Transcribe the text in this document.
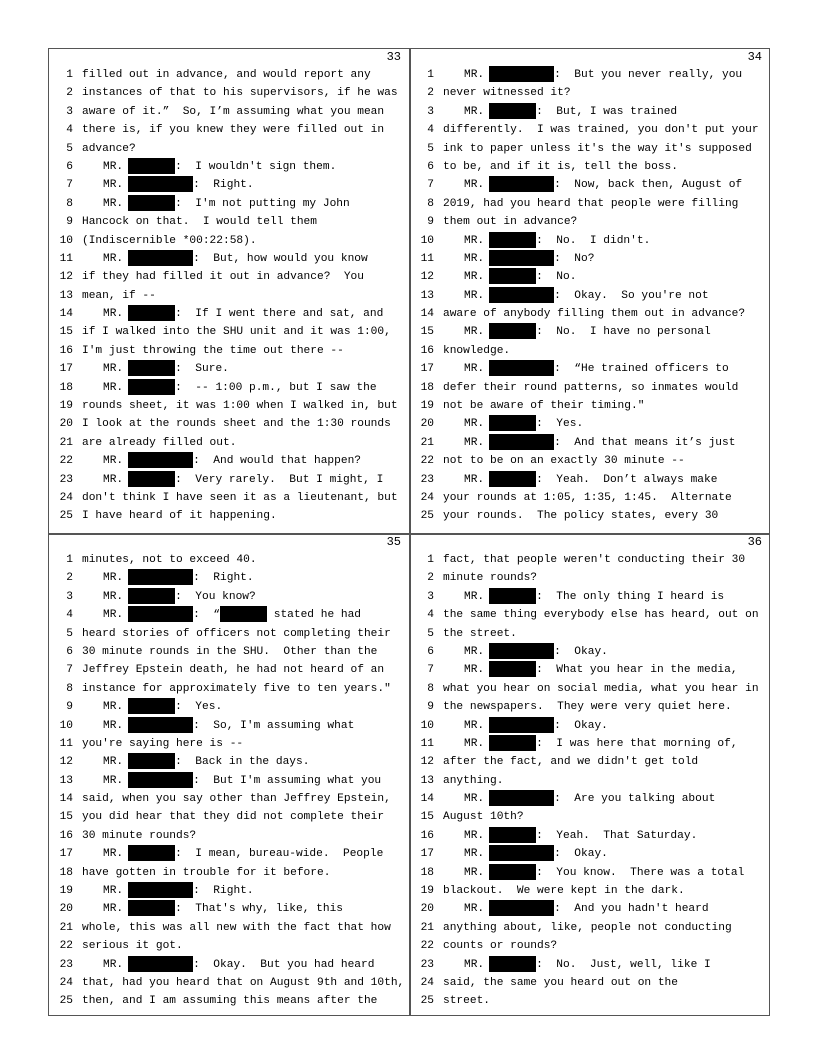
33
1 filled out in advance, and would report any
2 instances of that to his supervisors, if he was
3 aware of it.”  So, I’m assuming what you mean
4 there is, if you knew they were filled out in
5 advance?
6	MR.	:  I wouldn't sign them.
7	MR.	:  Right.
8	MR.	:  I'm not putting my John
9 Hancock on that.  I would tell them
10 (Indiscernible *00:22:58).
11	MR.	:  But, how would you know
12 if they had filled it out in advance?  You
13 mean, if --
14	MR.	:  If I went there and sat, and
15 if I walked into the SHU unit and it was 1:00,
16 I'm just throwing the time out there --
17	MR.	:  Sure.
18	MR.	:  -- 1:00 p.m., but I saw the
19 rounds sheet, it was 1:00 when I walked in, but
20 I look at the rounds sheet and the 1:30 rounds
21 are already filled out.
22	MR.	:  And would that happen?
23	MR.	:  Very rarely.  But I might, I
24 don't think I have seen it as a lieutenant, but
25 I have heard of it happening.
34
1	MR.	:  But you never really, you
2 never witnessed it?
3	MR.	:  But, I was trained
4 differently.  I was trained, you don't put your
5 ink to paper unless it's the way it's supposed
6 to be, and if it is, tell the boss.
7	MR.	:  Now, back then, August of
8 2019, had you heard that people were filling
9 them out in advance?
10	MR.	:  No.  I didn't.
11	MR.	:  No?
12	MR.	:  No.
13	MR.	:  Okay.  So you're not
14 aware of anybody filling them out in advance?
15	MR.	:  No.  I have no personal
16 knowledge.
17	MR.	:  “He trained officers to
18 defer their round patterns, so inmates would
19 not be aware of their timing."
20	MR.	:  Yes.
21	MR.	:  And that means it’s just
22 not to be on an exactly 30 minute --
23	MR.	:  Yeah.  Don’t always make
24 your rounds at 1:05, 1:35, 1:45.  Alternate
25 your rounds.  The policy states, every 30
35
1 minutes, not to exceed 40.
2	MR.	:  Right.
3	MR.	:  You know?
4	MR.	:  “	stated he had
5 heard stories of officers not completing their
6 30 minute rounds in the SHU.  Other than the
7 Jeffrey Epstein death, he had not heard of an
8 instance for approximately five to ten years."
9	MR.	:  Yes.
10	MR.	:  So, I'm assuming what
11 you're saying here is --
12	MR.	:  Back in the days.
13	MR.	:  But I'm assuming what you
14 said, when you say other than Jeffrey Epstein,
15 you did hear that they did not complete their
16 30 minute rounds?
17	MR.	:  I mean, bureau-wide.  People
18 have gotten in trouble for it before.
19	MR.	:  Right.
20	MR.	:  That's why, like, this
21 whole, this was all new with the fact that how
22 serious it got.
23	MR.	:  Okay.  But you had heard
24 that, had you heard that on August 9th and 10th,
25 then, and I am assuming this means after the
36
1 fact, that people weren't conducting their 30
2 minute rounds?
3	MR.	:  The only thing I heard is
4 the same thing everybody else has heard, out on
5 the street.
6	MR.	:  Okay.
7	MR.	:  What you hear in the media,
8 what you hear on social media, what you hear in
9 the newspapers.  They were very quiet here.
10	MR.	:  Okay.
11	MR.	:  I was here that morning of,
12 after the fact, and we didn't get told
13 anything.
14	MR.	:  Are you talking about
15 August 10th?
16	MR.	:  Yeah.  That Saturday.
17	MR.	:  Okay.
18	MR.	:  You know.  There was a total
19 blackout.  We were kept in the dark.
20	MR.	:  And you hadn't heard
21 anything about, like, people not conducting
22 counts or rounds?
23	MR.	:  No.  Just, well, like I
24 said, the same you heard out on the
25 street.
